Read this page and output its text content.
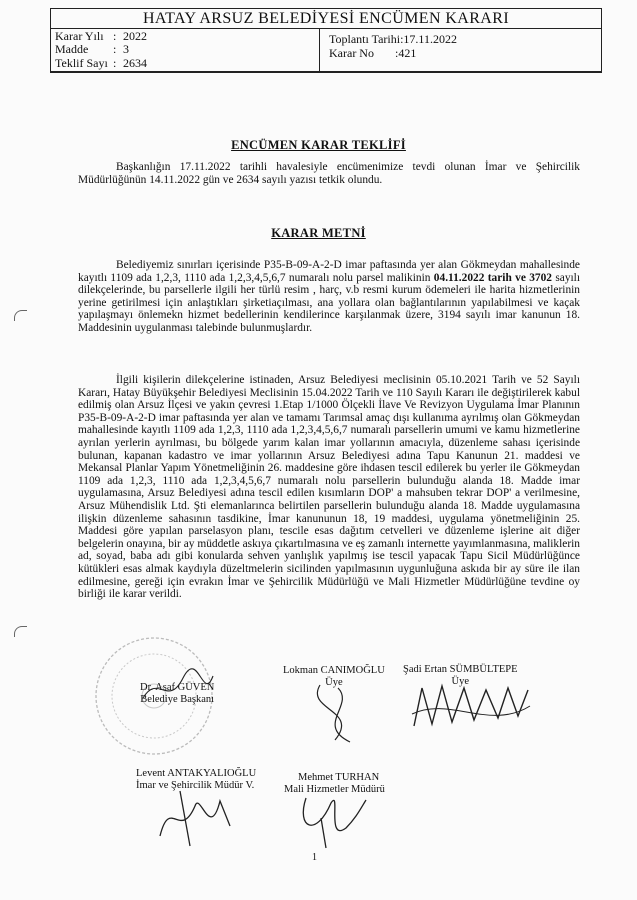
HATAY ARSUZ BELEDİYESİ ENCÜMEN KARARI
Karar Yılı : 2022
Madde : 3
Teklif Sayı : 2634
Toplantı Tarihi:17.11.2022
Karar No :421
ENCÜMEN KARAR TEKLİFİ
Başkanlığın 17.11.2022 tarihli havalesiyle encümenimize tevdi olunan İmar ve Şehircilik Müdürlüğünün 14.11.2022 gün ve 2634 sayılı yazısı tetkik olundu.
KARAR METNİ
Belediyemiz sınırları içerisinde P35-B-09-A-2-D imar paftasında yer alan Gökmeydan mahallesinde kayıtlı 1109 ada 1,2,3, 1110 ada 1,2,3,4,5,6,7 numaralı nolu parsel malikinin 04.11.2022 tarih ve 3702 sayılı dilekçelerinde, bu parsellerle ilgili her türlü resim , harç, v.b resmi kurum ödemeleri ile harita hizmetlerinin yerine getirilmesi için anlaştıkları şirketiaçılması, ana yollara olan bağlantılarının yapılabilmesi ve kaçak yapılaşmayı önlemekn hizmet bedellerinin kendilerince karşılanmak üzere, 3194 sayılı imar kanunun 18. Maddesinin uygulanması talebinde bulunmuşlardır.
İlgili kişilerin dilekçelerine istinaden, Arsuz Belediyesi meclisinin 05.10.2021 Tarih ve 52 Sayılı Kararı, Hatay Büyükşehir Belediyesi Meclisinin 15.04.2022 Tarih ve 110 Sayılı Kararı ile değiştirilerek kabul edilmiş olan Arsuz İlçesi ve yakın çevresi 1.Etap 1/1000 Ölçekli İlave Ve Revizyon Uygulama İmar Planının P35-B-09-A-2-D imar paftasında yer alan ve tamamı Tarımsal amaç dışı kullanıma ayrılmış olan Gökmeydan mahallesinde kayıtlı 1109 ada 1,2,3, 1110 ada 1,2,3,4,5,6,7 numaralı parsellerin umumi ve kamu hizmetlerine ayrılan yerlerin ayrılması, bu bölgede yarım kalan imar yollarının amacıyla, düzenleme sahası içerisinde bulunan, kapanan kadastro ve imar yollarının Arsuz Belediyesi adına Tapu Kanunun 21. maddesi ve Mekansal Planlar Yapım Yönetmeliğinin 26. maddesine göre ihdasen tescil edilerek bu yerler ile Gökmeydan 1109 ada 1,2,3, 1110 ada 1,2,3,4,5,6,7 numaralı nolu parsellerin bulunduğu alanda 18. Madde imar uygulamasına, Arsuz Belediyesi adına tescil edilen kısımların DOP' a mahsuben tekrar DOP' a verilmesine, Arsuz Mühendislik Ltd. Şti elemanlarınca belirtilen parsellerin bulunduğu alanda 18. Madde uygulamasına ilişkin düzenleme sahasının tasdikine, İmar kanununun 18, 19 maddesi, uygulama yönetmeliğinin 25. Maddesi göre yapılan parselasyon planı, tescile esas dağıtım cetvelleri ve düzenleme işlerine ait diğer belgelerin onayına, bir ay müddetle askıya çıkartılmasına ve eş zamanlı internette yayımlanmasına, maliklerin ad, soyad, baba adı gibi konularda sehven yanlışlık yapılmış ise tescil yapacak Tapu Sicil Müdürlüğünce kütükleri esas almak kaydıyla düzeltmelerin sicilinden yapılmasının uygunluğuna askıda bir ay süre ile ilan edilmesine, gereği için evrakın İmar ve Şehircilik Müdürlüğü ve Mali Hizmetler Müdürlüğüne tevdine oy birliği ile karar verildi.
Dr. Asaf GÜVEN
Belediye Başkanı
Lokman CANIMOĞLU
Üye
Şadi Ertan SÜMBÜLTEPE
Üye
Levent ANTAKYALIOĞLU
İmar ve Şehircilik Müdür V.
Mehmet TURHAN
Mali Hizmetler Müdürü
1
